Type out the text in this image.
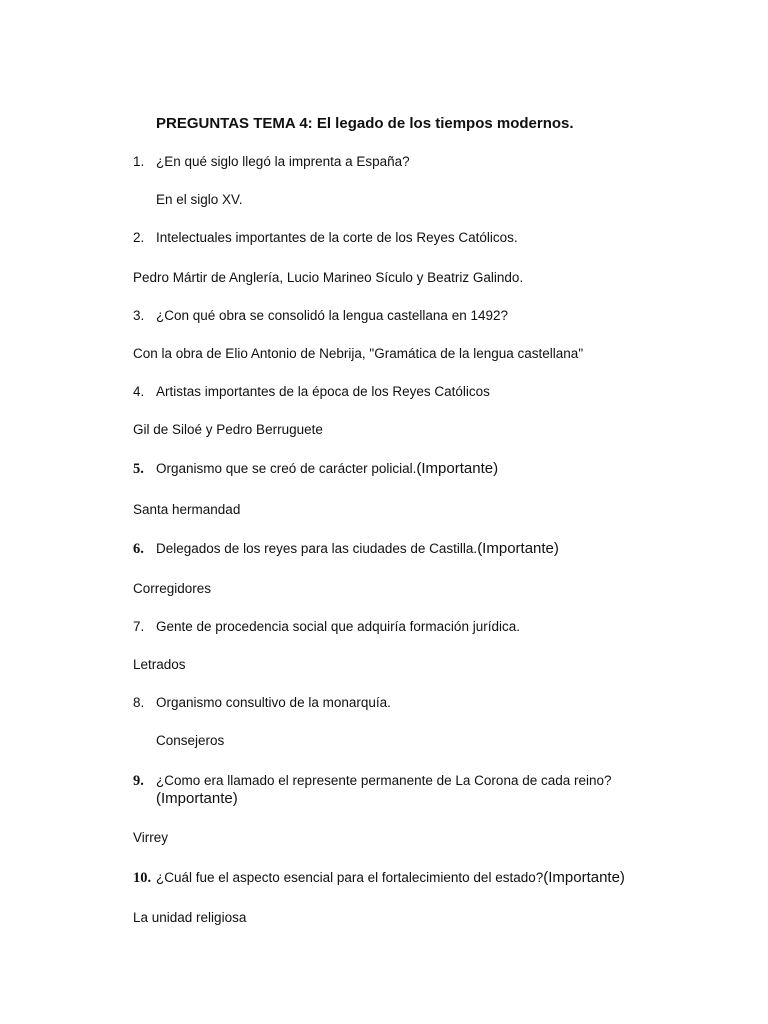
PREGUNTAS TEMA 4: El legado de los tiempos modernos.
1. ¿En qué siglo llegó la imprenta a España?
En el siglo XV.
2. Intelectuales importantes de la corte de los Reyes Católicos.
Pedro Mártir de Anglería, Lucio Marineo Sículo y Beatriz Galindo.
3. ¿Con qué obra se consolidó la lengua castellana en 1492?
Con la obra de Elio Antonio de Nebrija, "Gramática de la lengua castellana"
4. Artistas importantes de la época de los Reyes Católicos
Gil de Siloé y Pedro Berruguete
5. Organismo que se creó de carácter policial.(Importante)
Santa hermandad
6. Delegados de los reyes para las ciudades de Castilla.(Importante)
Corregidores
7. Gente de procedencia social que adquiría formación jurídica.
Letrados
8. Organismo consultivo de la monarquía.
Consejeros
9. ¿Como era llamado el represente permanente de La Corona de cada reino?
(Importante)
Virrey
10. ¿Cuál fue el aspecto esencial para el fortalecimiento del estado?(Importante)
La unidad religiosa
